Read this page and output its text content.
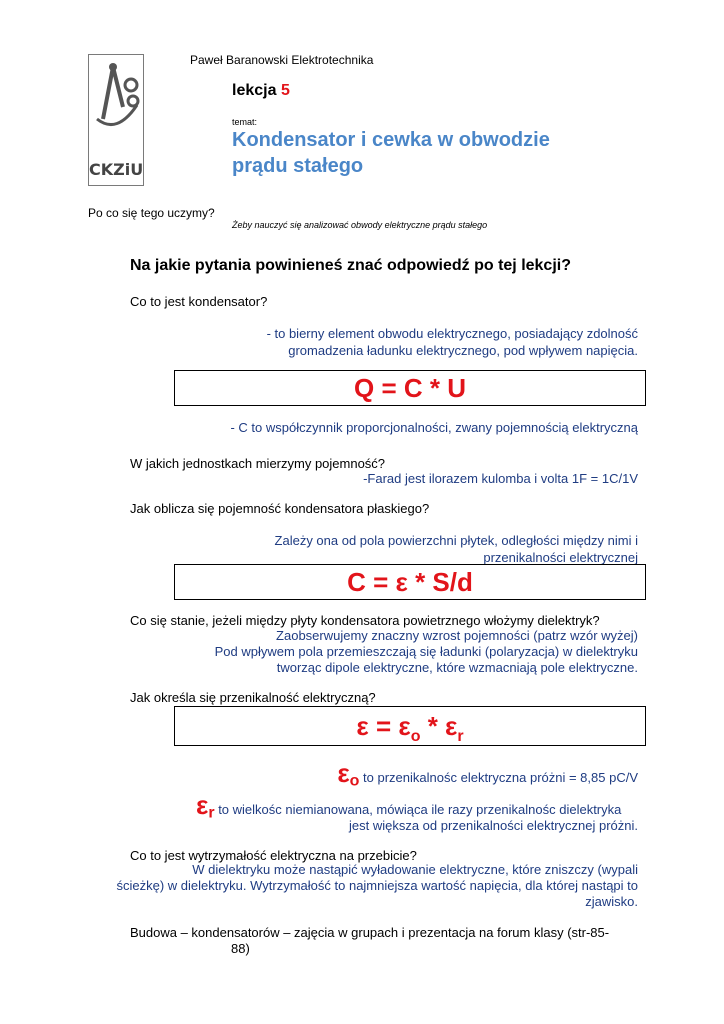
Paweł Baranowski Elektrotechnika
CKZiU
lekcja 5
temat:
Kondensator i cewka w obwodzie
prądu stałego
Po co się tego uczymy?
Żeby nauczyć się analizować obwody elektryczne prądu stałego
Na jakie pytania powinieneś znać odpowiedź po tej lekcji?
Co to jest kondensator?
- to bierny element obwodu elektrycznego, posiadający zdolność
gromadzenia ładunku elektrycznego, pod wpływem napięcia.
Q = C * U
- C to współczynnik proporcjonalności, zwany pojemnością elektryczną
W jakich jednostkach mierzymy pojemność?
-Farad jest ilorazem kulomba i volta 1F = 1C/1V
Jak oblicza się pojemność kondensatora płaskiego?
Zależy ona od pola powierzchni płytek, odległości między nimi i
przenikalności elektrycznej
C = ε * S/d
Co się stanie, jeżeli między płyty kondensatora powietrznego włożymy dielektryk?
Zaobserwujemy znaczny wzrost pojemności (patrz wzór wyżej)
Pod wpływem pola przemieszczają się ładunki (polaryzacja) w dielektryku
tworząc dipole elektryczne, które wzmacniają pole elektryczne.
Jak określa się przenikalność elektryczną?
$\varepsilon = \varepsilon_o * \varepsilon_r$
$\varepsilon_o$ to przenikalnośc elektryczna próżni = 8,85 pC/V
$\varepsilon_r$ to wielkośc niemianowana, mówiąca ile razy przenikalnośc dielektryka
jest większa od przenikalności elektrycznej próżni.
Co to jest wytrzymałość elektryczna na przebicie?
W dielektryku może nastąpić wyładowanie elektryczne, które zniszczy (wypali
ścieżkę) w dielektryku. Wytrzymałość to najmniejsza wartość napięcia, dla której nastąpi to
zjawisko.
Budowa – kondensatorów – zajęcia w grupach i prezentacja na forum klasy (str-85-
88)
